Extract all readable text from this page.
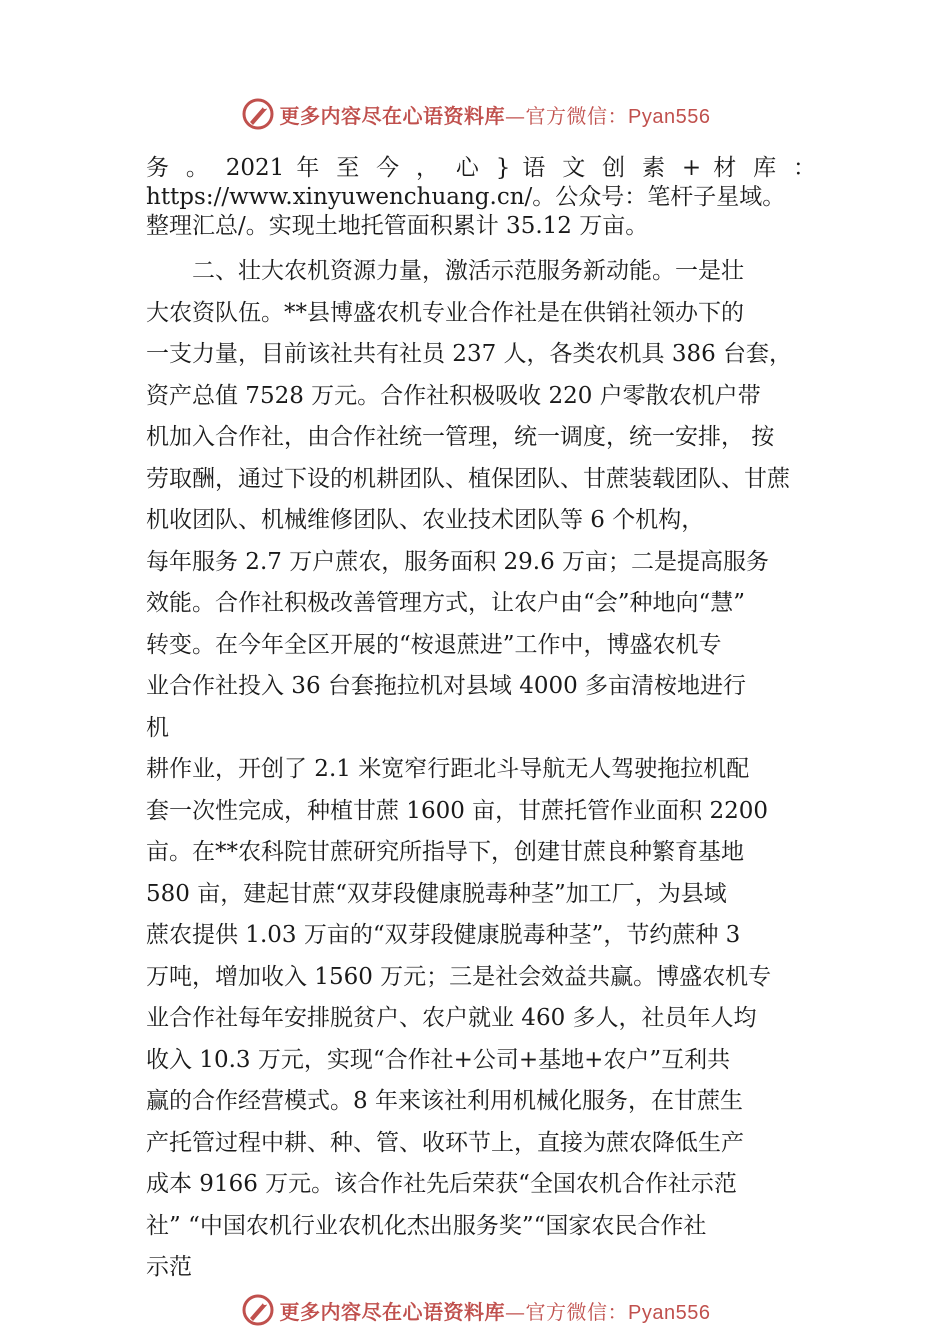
更多内容尽在心语资料库—官方微信：Pyan556
务 。 2021 年 至 今 ， 心 } 语 文 创 素 + 材 库 ：
https://www.xinyuwenchuang.cn/。公众号：笔杆子星域。
整理汇总/。实现土地托管面积累计 35.12 万亩。
　　二、壮大农机资源力量，激活示范服务新动能。一是壮
大农资队伍。**县博盛农机专业合作社是在供销社领办下的
一支力量，目前该社共有社员 237 人，各类农机具 386 台套，
资产总值 7528 万元。合作社积极吸收 220 户零散农机户带
机加入合作社，由合作社统一管理，统一调度，统一安排， 按
劳取酬，通过下设的机耕团队、植保团队、甘蔗装载团队、甘蔗
机收团队、机械维修团队、农业技术团队等 6 个机构，
每年服务 2.7 万户蔗农，服务面积 29.6 万亩；二是提高服务
效能。合作社积极改善管理方式，让农户由“会”种地向“慧”
转变。在今年全区开展的“桉退蔗进”工作中，博盛农机专
业合作社投入 36 台套拖拉机对县域 4000 多亩清桉地进行
机
耕作业，开创了 2.1 米宽窄行距北斗导航无人驾驶拖拉机配
套一次性完成，种植甘蔗 1600 亩，甘蔗托管作业面积 2200
亩。在**农科院甘蔗研究所指导下，创建甘蔗良种繁育基地
580 亩，建起甘蔗“双芽段健康脱毒种茎”加工厂，为县域
蔗农提供 1.03 万亩的“双芽段健康脱毒种茎”，节约蔗种 3
万吨，增加收入 1560 万元；三是社会效益共赢。博盛农机专
业合作社每年安排脱贫户、农户就业 460 多人，社员年人均
收入 10.3 万元，实现“合作社+公司+基地+农户”互利共
赢的合作经营模式。8 年来该社利用机械化服务，在甘蔗生
产托管过程中耕、种、管、收环节上，直接为蔗农降低生产
成本 9166 万元。该合作社先后荣获“全国农机合作社示范
社” “中国农机行业农机化杰出服务奖”“国家农民合作社
示范
更多内容尽在心语资料库—官方微信：Pyan556
